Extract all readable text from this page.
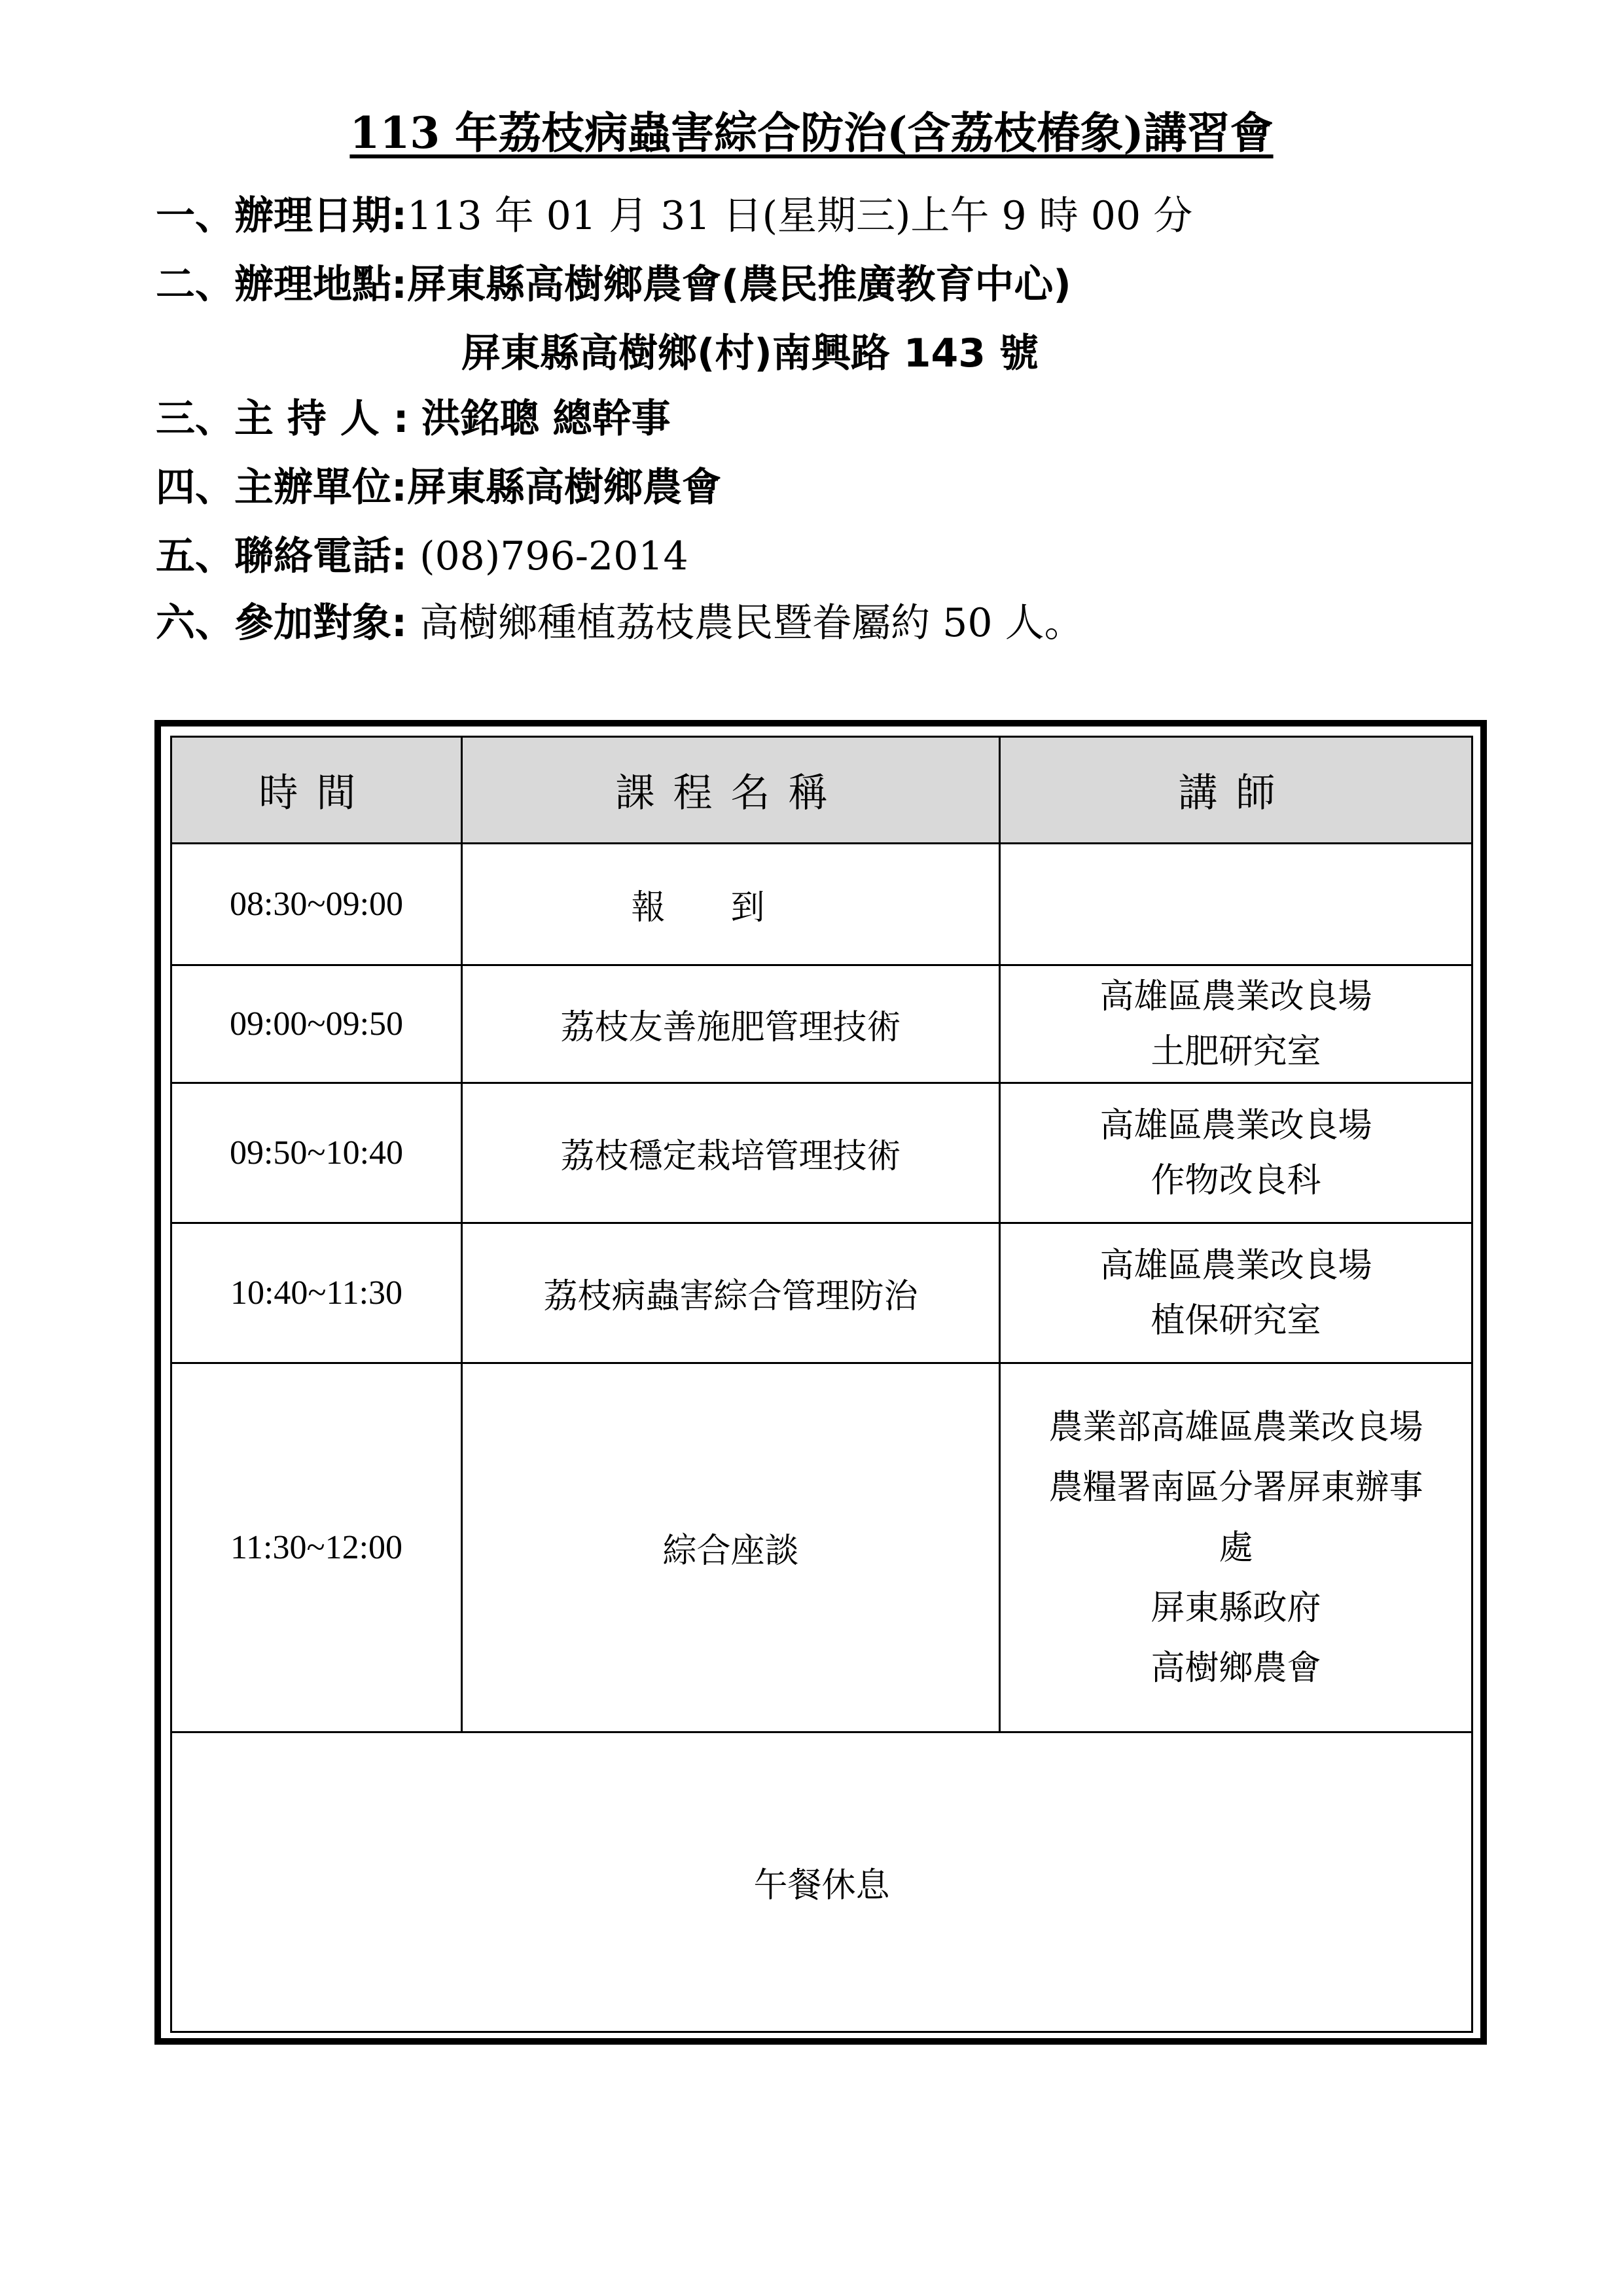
113 年荔枝病蟲害綜合防治(含荔枝椿象)講習會
一、辦理日期:113 年 01 月 31 日(星期三)上午 9 時 00 分
二、辦理地點:屏東縣高樹鄉農會(農民推廣教育中心)
屏東縣高樹鄉(村)南興路 143 號
三、主 持 人 : 洪銘聰 總幹事
四、主辦單位:屏東縣高樹鄉農會
五、聯絡電話: (08)796-2014
六、參加對象: 高樹鄉種植荔枝農民暨眷屬約 50 人。
時間	課程名稱	講師
08:30~09:00	報到	
09:00~09:50	荔枝友善施肥管理技術	高雄區農業改良場
土肥研究室

09:50~10:40	荔枝穩定栽培管理技術	高雄區農業改良場
作物改良科

10:40~11:30	荔枝病蟲害綜合管理防治	高雄區農業改良場
植保研究室

11:30~12:00	綜合座談	農業部高雄區農業改良場
農糧署南區分署屏東辦事
處
屏東縣政府
高樹鄉農會

午餐休息		
